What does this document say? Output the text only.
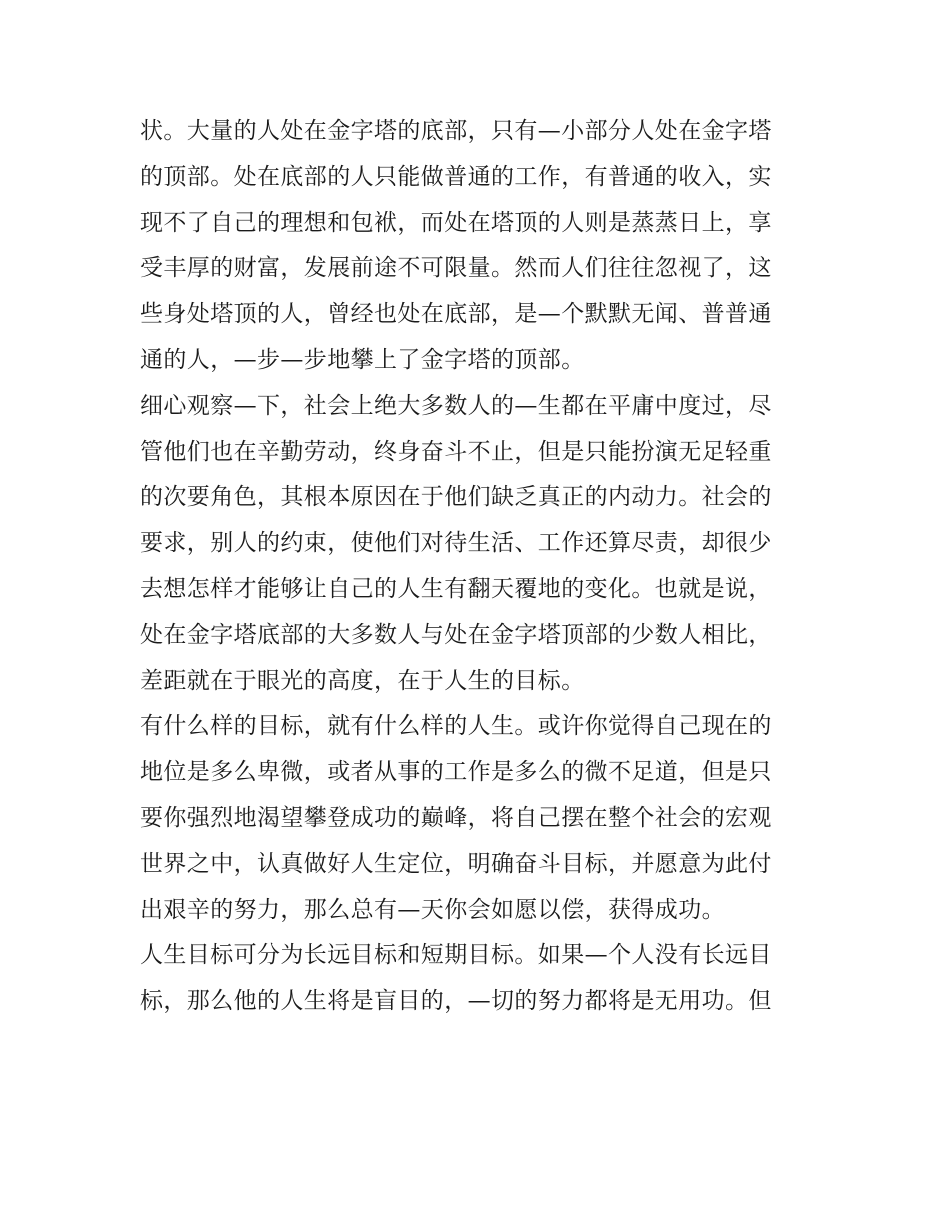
状。大量的人处在金字塔的底部，只有—小部分人处在金字塔
的顶部。处在底部的人只能做普通的工作，有普通的收入，实
现不了自己的理想和包袱，而处在塔顶的人则是蒸蒸日上，享
受丰厚的财富，发展前途不可限量。然而人们往往忽视了，这
些身处塔顶的人，曾经也处在底部，是—个默默无闻、普普通
通的人，—步—步地攀上了金字塔的顶部。
细心观察—下，社会上绝大多数人的—生都在平庸中度过，尽
管他们也在辛勤劳动，终身奋斗不止，但是只能扮演无足轻重
的次要角色，其根本原因在于他们缺乏真正的内动力。社会的
要求，别人的约束，使他们对待生活、工作还算尽责，却很少
去想怎样才能够让自己的人生有翻天覆地的变化。也就是说，
处在金字塔底部的大多数人与处在金字塔顶部的少数人相比，
差距就在于眼光的高度，在于人生的目标。
有什么样的目标，就有什么样的人生。或许你觉得自己现在的
地位是多么卑微，或者从事的工作是多么的微不足道，但是只
要你强烈地渴望攀登成功的巅峰，将自己摆在整个社会的宏观
世界之中，认真做好人生定位，明确奋斗目标，并愿意为此付
出艰辛的努力，那么总有—天你会如愿以偿，获得成功。
人生目标可分为长远目标和短期目标。如果—个人没有长远目
标，那么他的人生将是盲目的，—切的努力都将是无用功。但
